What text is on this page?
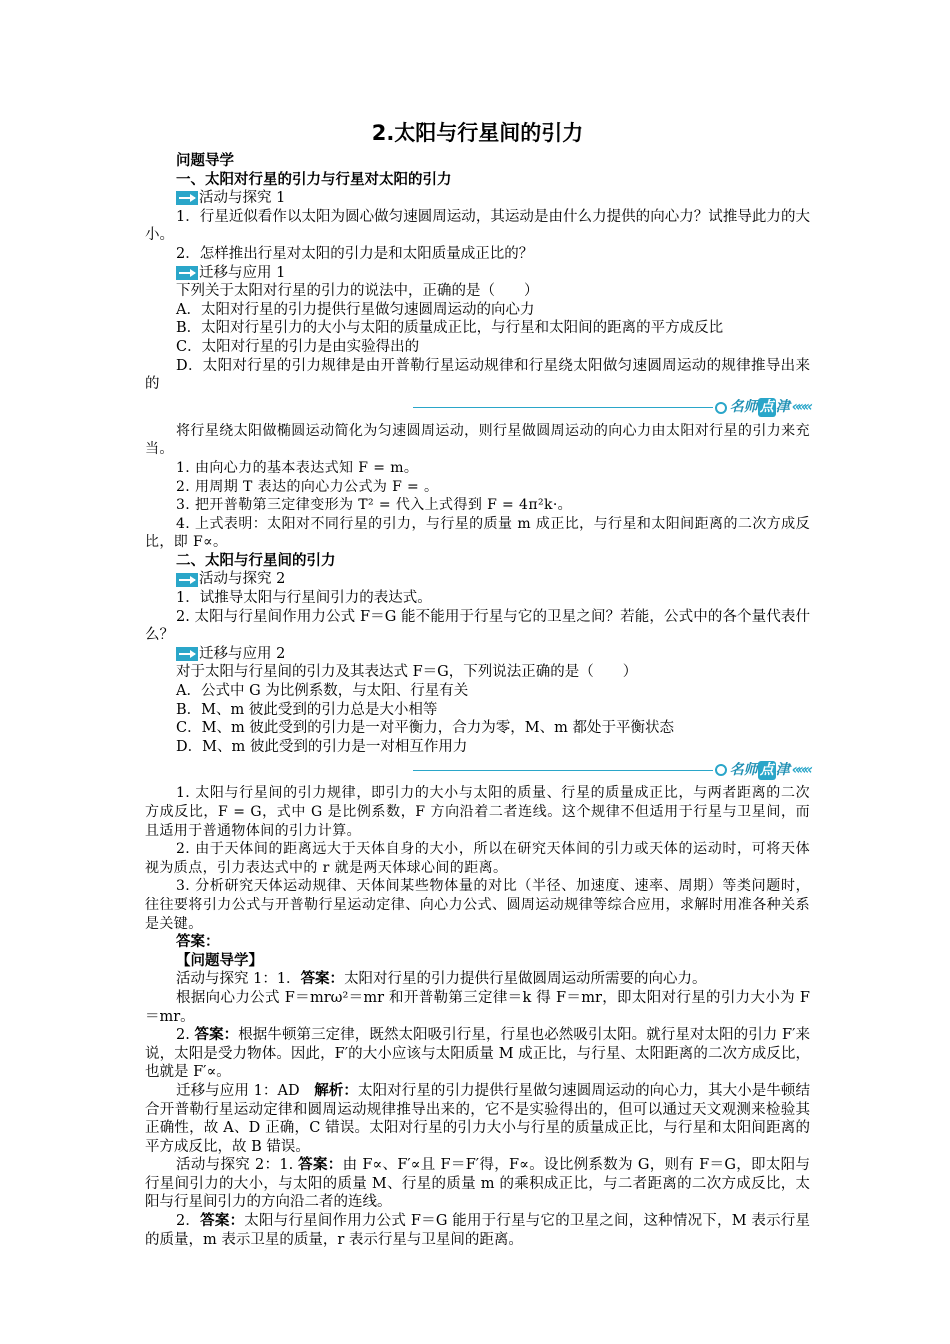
2.太阳与行星间的引力
问题导学
一、太阳对行星的引力与行星对太阳的引力
活动与探究 1
1．行星近似看作以太阳为圆心做匀速圆周运动，其运动是由什么力提供的向心力？试推导此力的大小。
2．怎样推出行星对太阳的引力是和太阳质量成正比的？
迁移与应用 1
下列关于太阳对行星的引力的说法中，正确的是（　　）
A．太阳对行星的引力提供行星做匀速圆周运动的向心力
B．太阳对行星引力的大小与太阳的质量成正比，与行星和太阳间的距离的平方成反比
C．太阳对行星的引力是由实验得出的
D．太阳对行星的引力规律是由开普勒行星运动规律和行星绕太阳做匀速圆周运动的规律推导出来的
名师 点 津 «««
将行星绕太阳做椭圆运动简化为匀速圆周运动，则行星做圆周运动的向心力由太阳对行星的引力来充当。
1. 由向心力的基本表达式知 F = m。
2. 用周期 T 表达的向心力公式为 F = 。
3. 把开普勒第三定律变形为 T² = 代入上式得到 F = 4π²k·。
4. 上式表明：太阳对不同行星的引力，与行星的质量 m 成正比，与行星和太阳间距离的二次方成反比，即 F∝。
二、太阳与行星间的引力
活动与探究 2
1．试推导太阳与行星间引力的表达式。
2. 太阳与行星间作用力公式 F＝G 能不能用于行星与它的卫星之间？若能，公式中的各个量代表什么？
迁移与应用 2
对于太阳与行星间的引力及其表达式 F＝G，下列说法正确的是（　　）
A．公式中 G 为比例系数，与太阳、行星有关
B．M、m 彼此受到的引力总是大小相等
C．M、m 彼此受到的引力是一对平衡力，合力为零，M、m 都处于平衡状态
D．M、m 彼此受到的引力是一对相互作用力
名师 点 津 «««
1. 太阳与行星间的引力规律，即引力的大小与太阳的质量、行星的质量成正比，与两者距离的二次方成反比，F = G，式中 G 是比例系数，F 方向沿着二者连线。这个规律不但适用于行星与卫星间，而且适用于普通物体间的引力计算。
2. 由于天体间的距离远大于天体自身的大小，所以在研究天体间的引力或天体的运动时，可将天体视为质点，引力表达式中的 r 就是两天体球心间的距离。
3. 分析研究天体运动规律、天体间某些物体量的对比（半径、加速度、速率、周期）等类问题时，往往要将引力公式与开普勒行星运动定律、向心力公式、圆周运动规律等综合应用，求解时用准各种关系是关键。
答案：
【问题导学】
活动与探究 1：1．答案：太阳对行星的引力提供行星做圆周运动所需要的向心力。
根据向心力公式 F＝mrω²＝mr 和开普勒第三定律＝k 得 F＝mr，即太阳对行星的引力大小为 F＝mr。
2. 答案：根据牛顿第三定律，既然太阳吸引行星，行星也必然吸引太阳。就行星对太阳的引力 F′来说，太阳是受力物体。因此，F′的大小应该与太阳质量 M 成正比，与行星、太阳距离的二次方成反比，也就是 F′∝。
迁移与应用 1：AD　解析：太阳对行星的引力提供行星做匀速圆周运动的向心力，其大小是牛顿结合开普勒行星运动定律和圆周运动规律推导出来的，它不是实验得出的，但可以通过天文观测来检验其正确性，故 A、D 正确，C 错误。太阳对行星的引力大小与行星的质量成正比，与行星和太阳间距离的平方成反比，故 B 错误。
活动与探究 2：1. 答案：由 F∝、F′∝且 F＝F′得，F∝。设比例系数为 G，则有 F＝G，即太阳与行星间引力的大小，与太阳的质量 M、行星的质量 m 的乘积成正比，与二者距离的二次方成反比，太阳与行星间引力的方向沿二者的连线。
2．答案：太阳与行星间作用力公式 F＝G 能用于行星与它的卫星之间，这种情况下，M 表示行星的质量，m 表示卫星的质量，r 表示行星与卫星间的距离。
